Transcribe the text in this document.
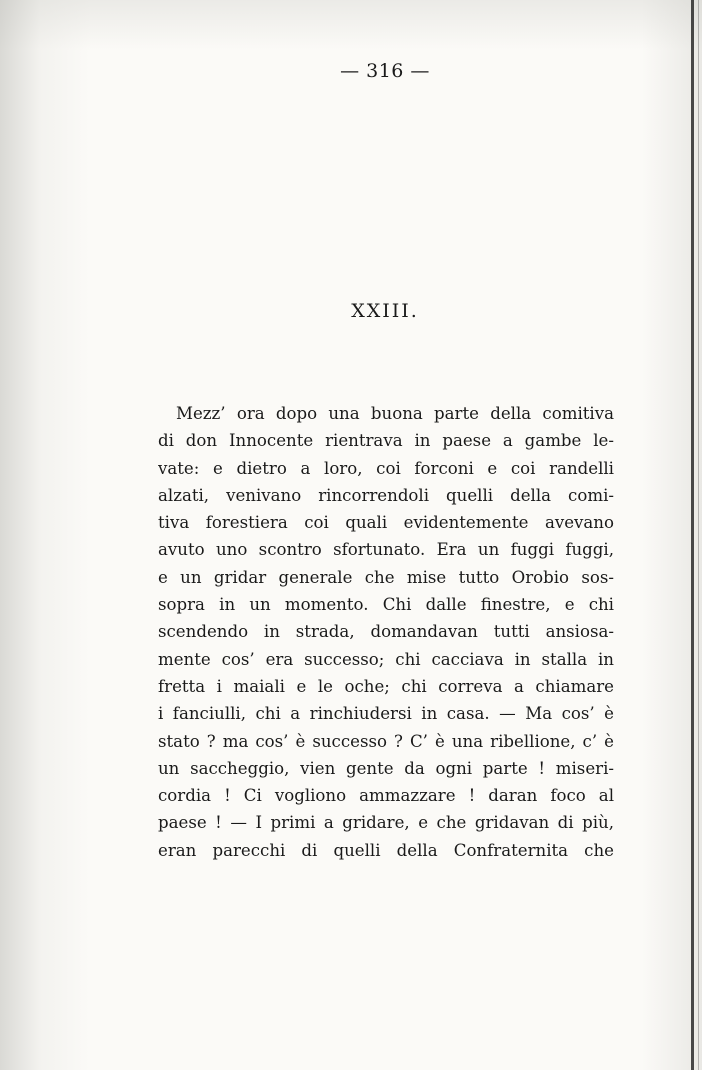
— 316 —
XXIII.
Mezz’ ora dopo una buona parte della comitiva
di don Innocente rientrava in paese a gambe le-
vate: e dietro a loro, coi forconi e coi randelli
alzati, venivano rincorrendoli quelli della comi-
tiva forestiera coi quali evidentemente avevano
avuto uno scontro sfortunato. Era un fuggi fuggi,
e un gridar generale che mise tutto Orobio sos-
sopra in un momento. Chi dalle finestre, e chi
scendendo in strada, domandavan tutti ansiosa-
mente cos’ era successo; chi cacciava in stalla in
fretta i maiali e le oche; chi correva a chiamare
i fanciulli, chi a rinchiudersi in casa. — Ma cos’ è
stato ? ma cos’ è successo ? C’ è una ribellione, c’ è
un saccheggio, vien gente da ogni parte ! miseri-
cordia ! Ci vogliono ammazzare ! daran foco al
paese ! — I primi a gridare, e che gridavan di più,
eran parecchi di quelli della Confraternita che
